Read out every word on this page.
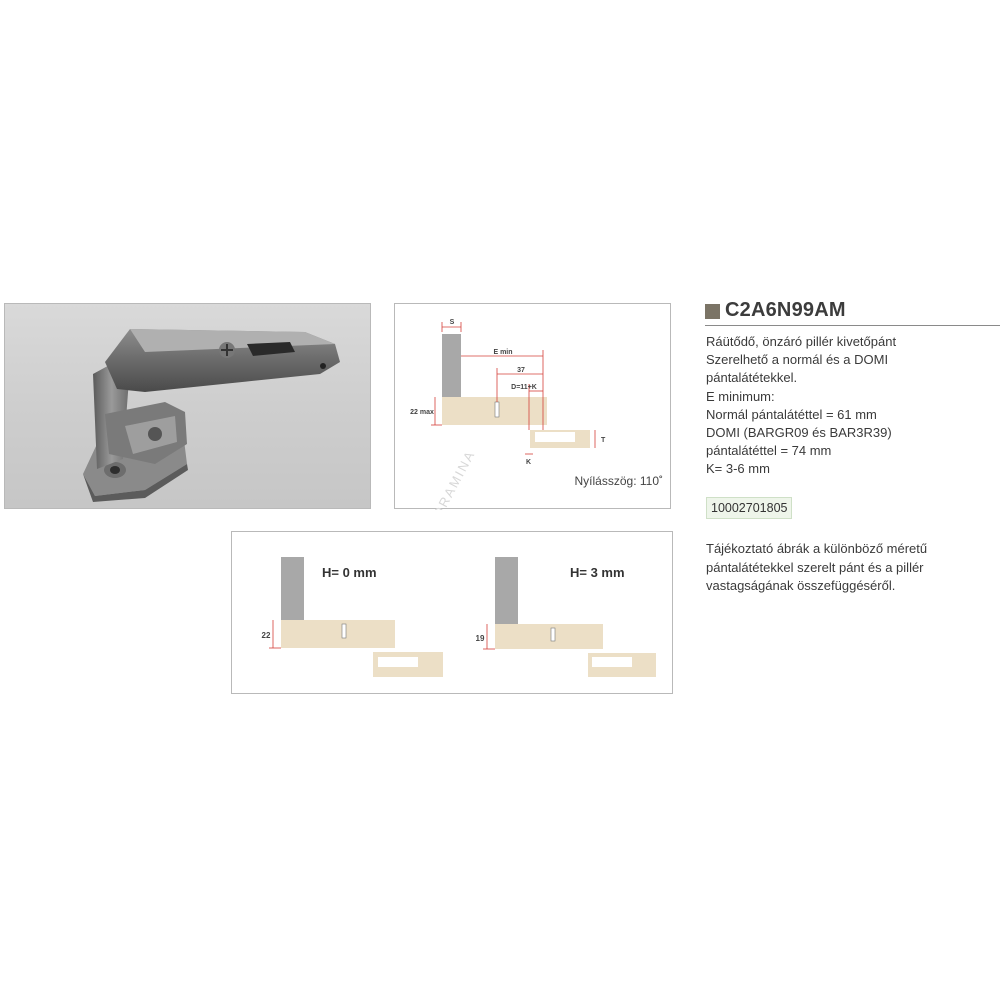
DORAMINA
S
E min
37
D=11+K
22 max
T
K
Nyílásszög: 110˚
H= 0 mm
22
H= 3 mm
19
C2A6N99AM
Ráütődő, önzáró pillér kivetőpánt
Szerelhető a normál és a DOMI
pántalátétekkel.
E minimum:
Normál pántalátéttel = 61 mm
DOMI (BARGR09 és BAR3R39)
pántalátéttel = 74 mm
K= 3-6 mm
10002701805
Tájékoztató ábrák a különböző méretű
pántalátétekkel szerelt pánt és a pillér
vastagságának összefüggéséről.
